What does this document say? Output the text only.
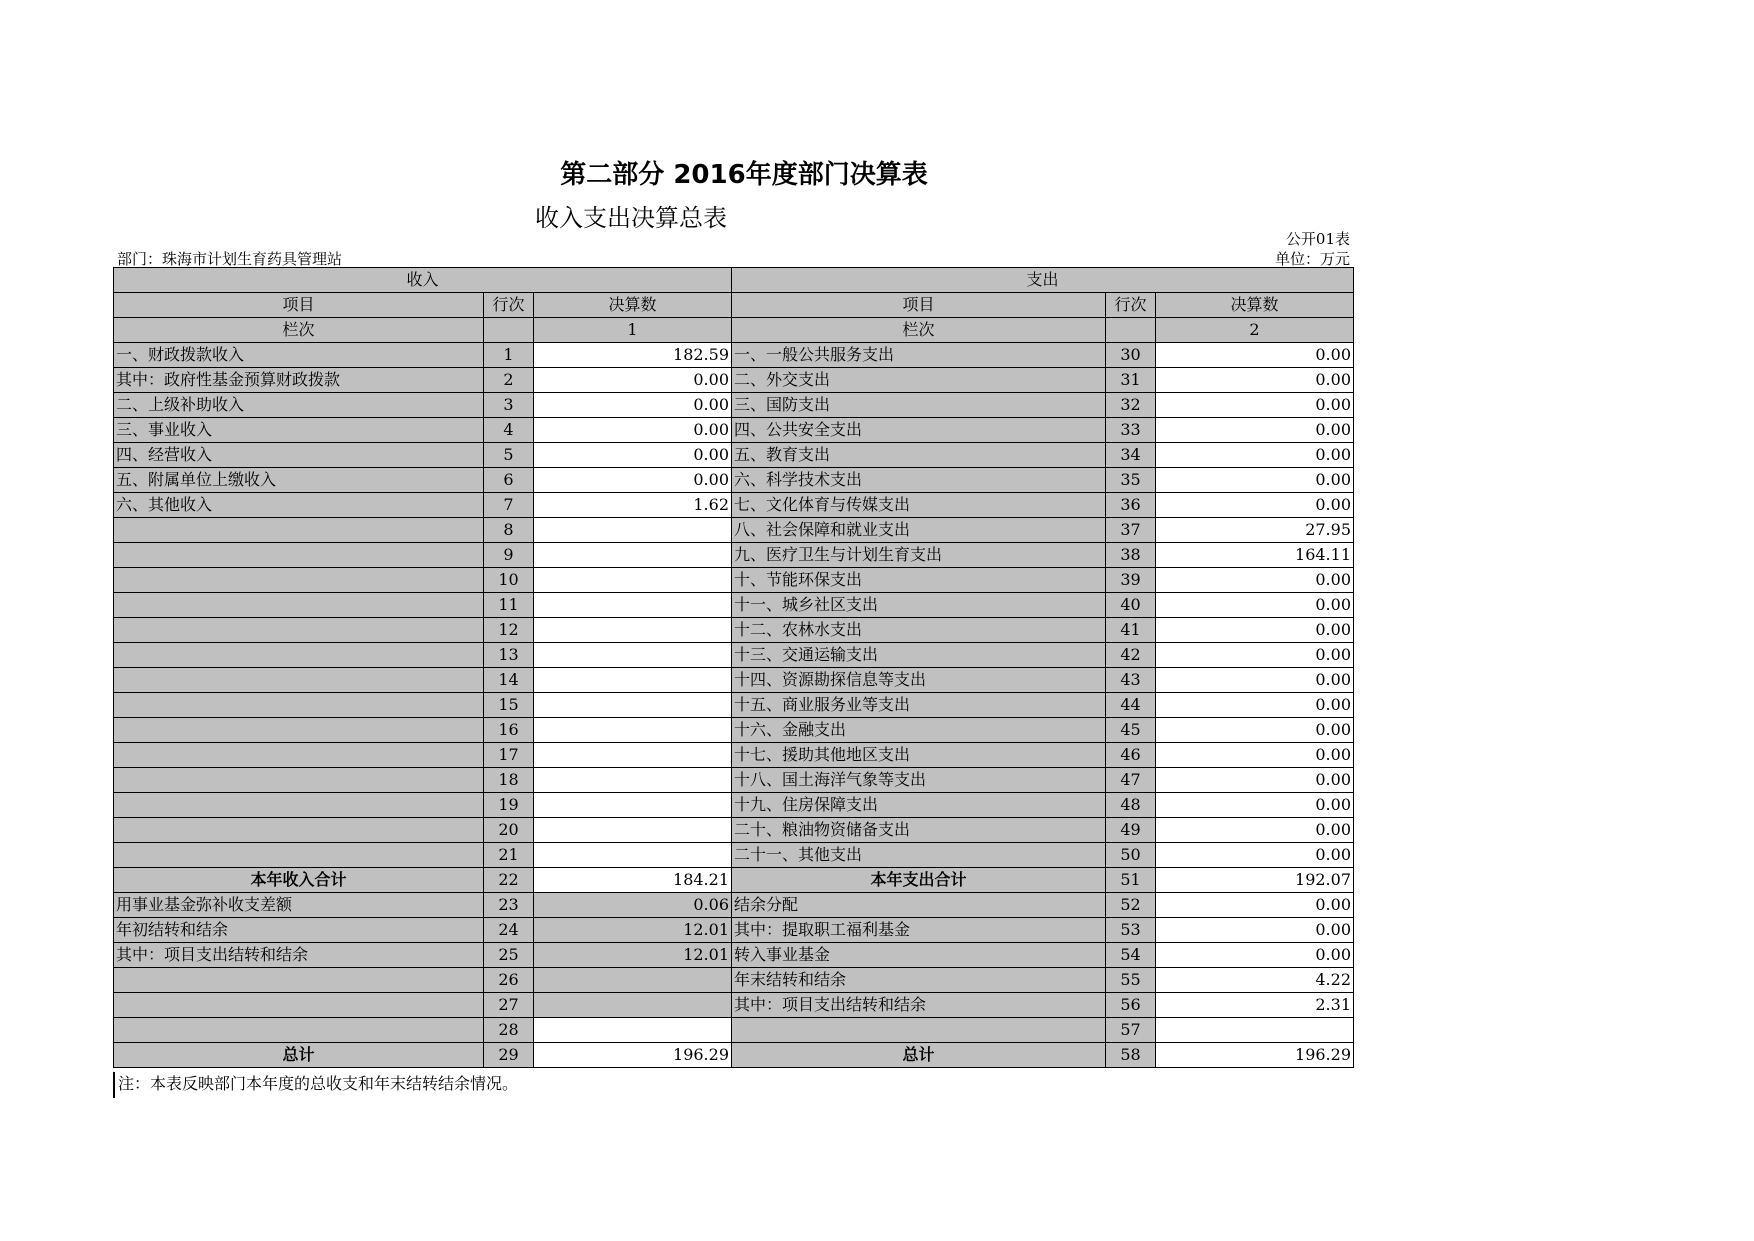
第二部分 2016年度部门决算表
收入支出决算总表
公开01表
部门：珠海市计划生育药具管理站	单位：万元
收入			支出		
项目	行次	决算数	项目	行次	决算数
栏次		1	栏次		2
一、财政拨款收入	1	182.59	一、一般公共服务支出	30	0.00
其中：政府性基金预算财政拨款	2	0.00	二、外交支出	31	0.00
二、上级补助收入	3	0.00	三、国防支出	32	0.00
三、事业收入	4	0.00	四、公共安全支出	33	0.00
四、经营收入	5	0.00	五、教育支出	34	0.00
五、附属单位上缴收入	6	0.00	六、科学技术支出	35	0.00
六、其他收入	7	1.62	七、文化体育与传媒支出	36	0.00
	8		八、社会保障和就业支出	37	27.95
	9		九、医疗卫生与计划生育支出	38	164.11
	10		十、节能环保支出	39	0.00
	11		十一、城乡社区支出	40	0.00
	12		十二、农林水支出	41	0.00
	13		十三、交通运输支出	42	0.00
	14		十四、资源勘探信息等支出	43	0.00
	15		十五、商业服务业等支出	44	0.00
	16		十六、金融支出	45	0.00
	17		十七、援助其他地区支出	46	0.00
	18		十八、国土海洋气象等支出	47	0.00
	19		十九、住房保障支出	48	0.00
	20		二十、粮油物资储备支出	49	0.00
	21		二十一、其他支出	50	0.00
本年收入合计	22	184.21	本年支出合计	51	192.07
用事业基金弥补收支差额	23	0.06	结余分配	52	0.00
年初结转和结余	24	12.01	其中：提取职工福利基金	53	0.00
其中：项目支出结转和结余	25	12.01	转入事业基金	54	0.00
	26		年末结转和结余	55	4.22
	27		其中：项目支出结转和结余	56	2.31
	28			57	
总计	29	196.29	总计	58	196.29
注：本表反映部门本年度的总收支和年末结转结余情况。
